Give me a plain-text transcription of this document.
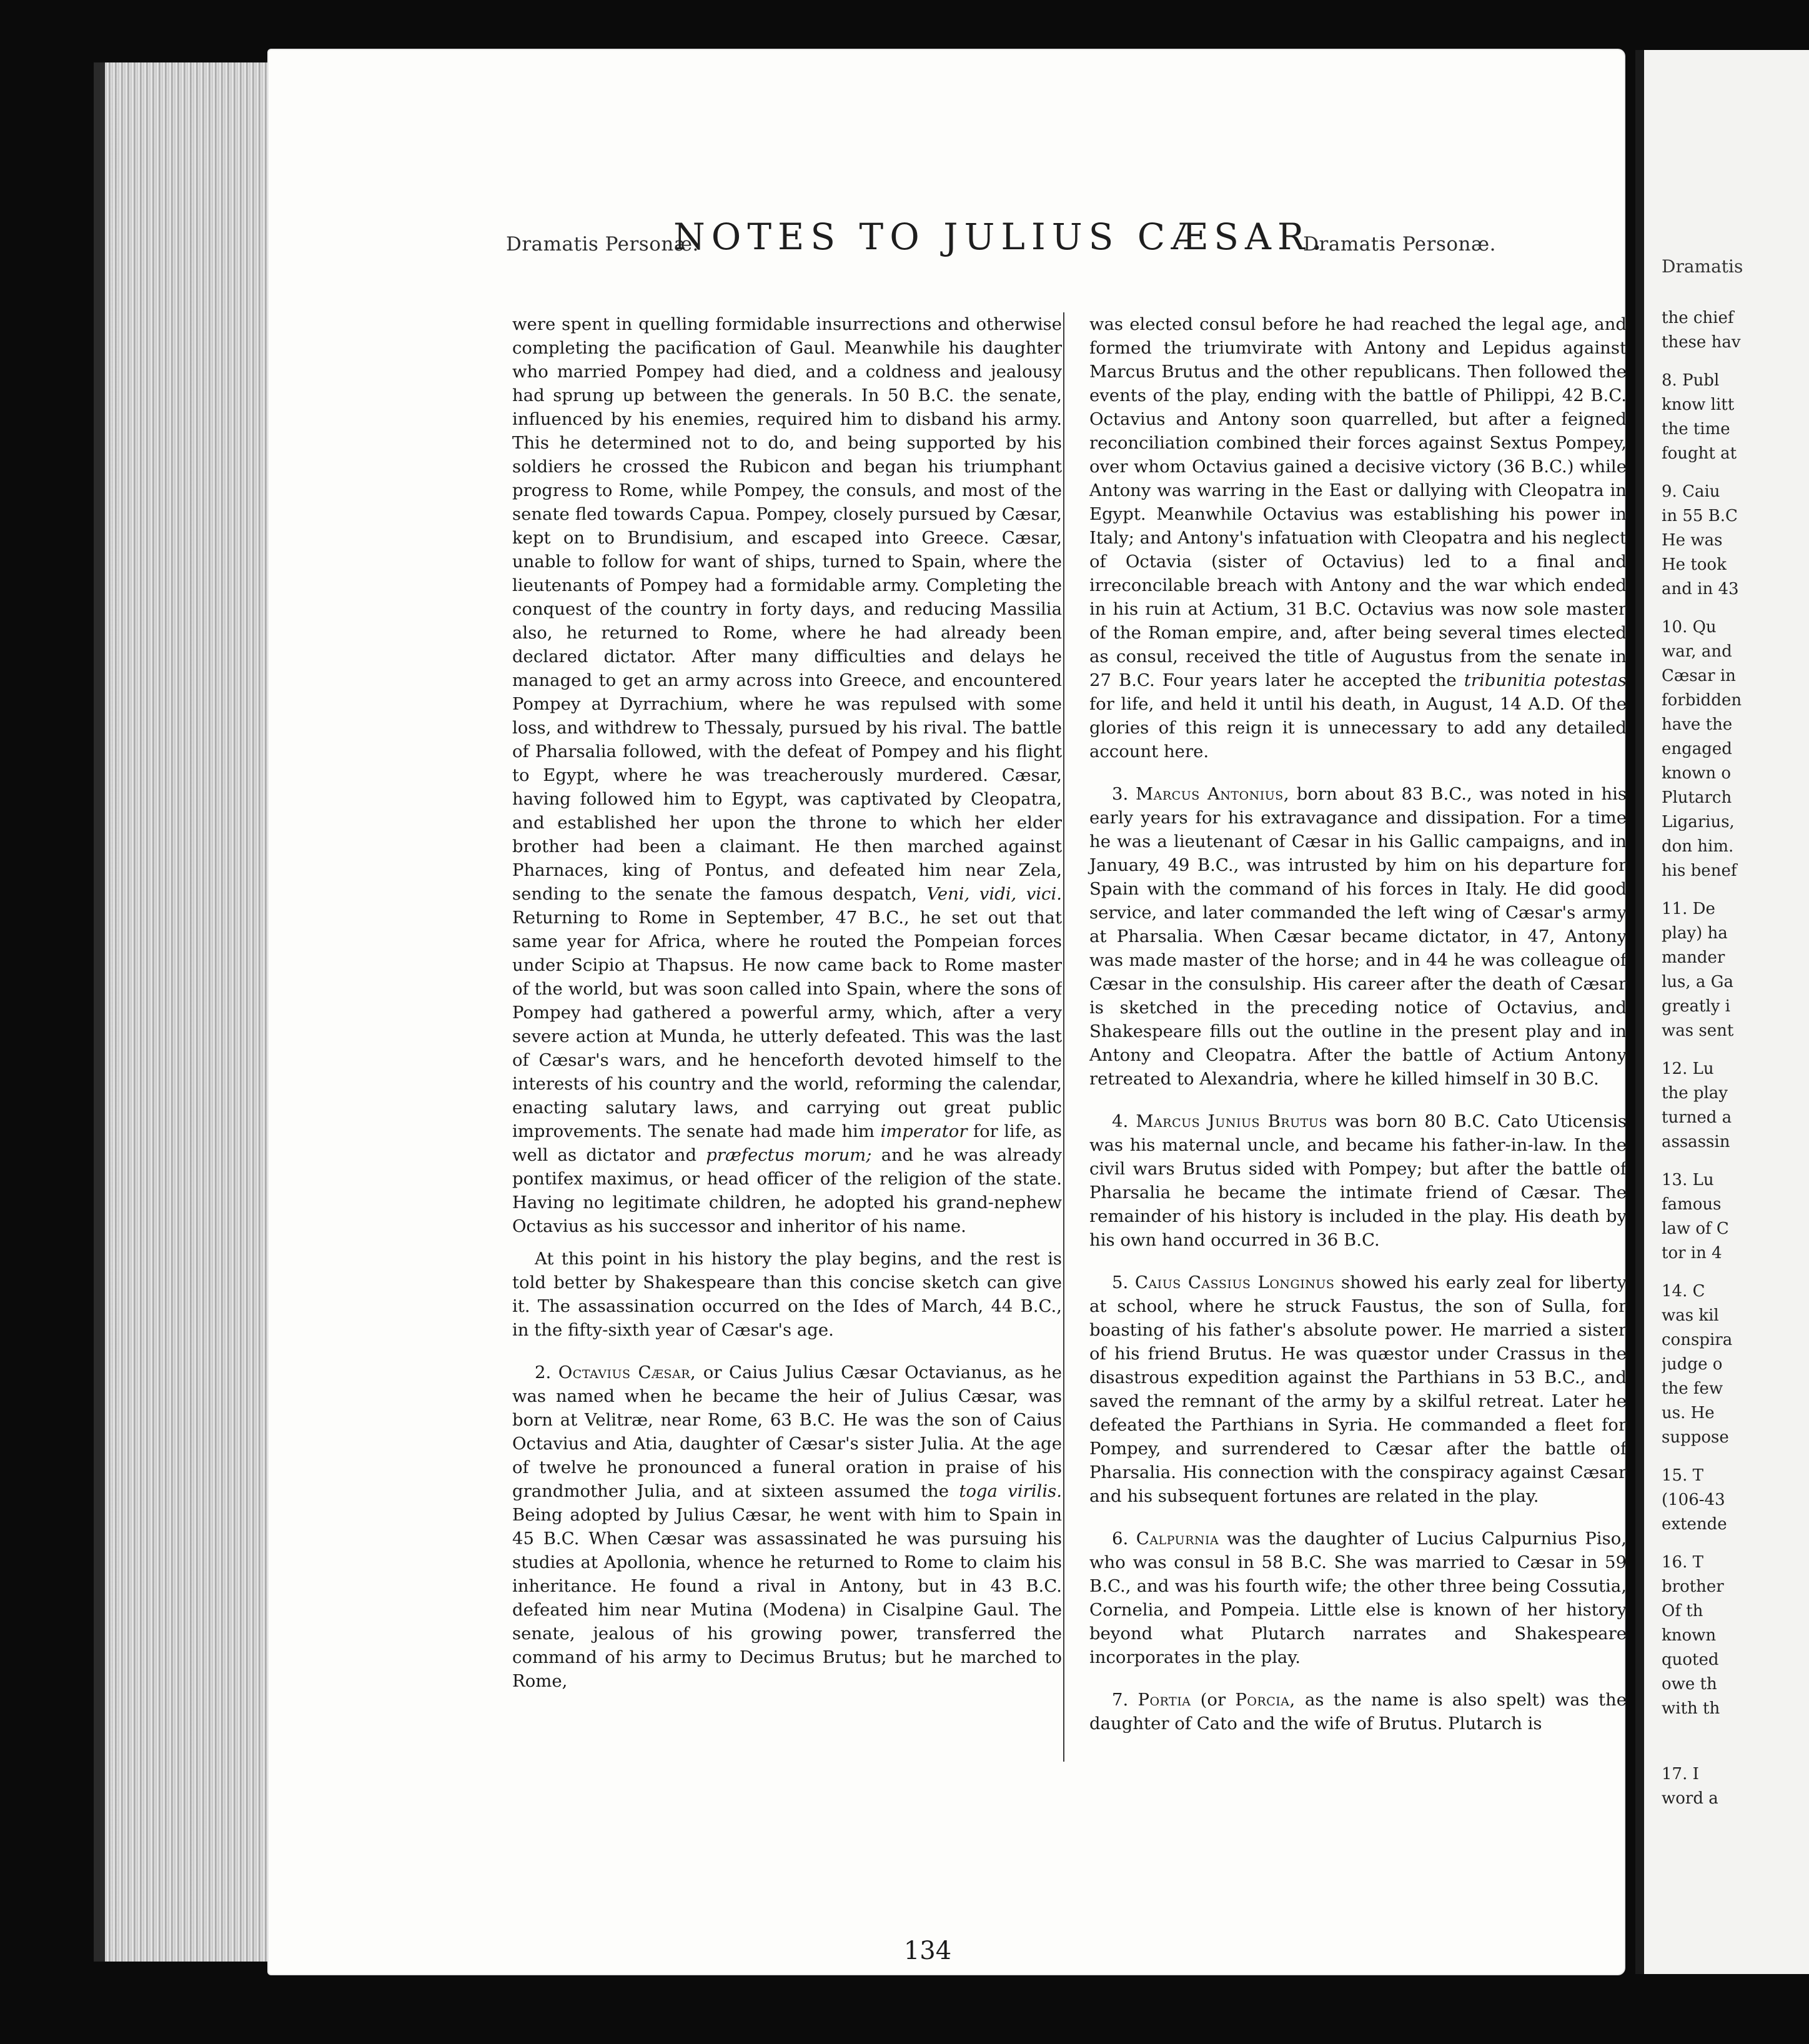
Dramatis Personæ.
NOTES TO JULIUS CÆSAR.
Dramatis Personæ.

were spent in quelling formidable insurrections and otherwise completing the pacification of Gaul. Meanwhile his daughter who married Pompey had died, and a coldness and jealousy had sprung up between the generals. In 50 B.C. the senate, influenced by his enemies, required him to disband his army. This he determined not to do, and being supported by his soldiers he crossed the Rubicon and began his triumphant progress to Rome, while Pompey, the consuls, and most of the senate fled towards Capua. Pompey, closely pursued by Cæsar, kept on to Brundisium, and escaped into Greece. Cæsar, unable to follow for want of ships, turned to Spain, where the lieutenants of Pompey had a formidable army. Completing the conquest of the country in forty days, and reducing Massilia also, he returned to Rome, where he had already been declared dictator. After many difficulties and delays he managed to get an army across into Greece, and encountered Pompey at Dyrrachium, where he was repulsed with some loss, and withdrew to Thessaly, pursued by his rival. The battle of Pharsalia followed, with the defeat of Pompey and his flight to Egypt, where he was treacherously murdered. Cæsar, having followed him to Egypt, was captivated by Cleopatra, and established her upon the throne to which her elder brother had been a claimant. He then marched against Pharnaces, king of Pontus, and defeated him near Zela, sending to the senate the famous despatch, Veni, vidi, vici. Returning to Rome in September, 47 B.C., he set out that same year for Africa, where he routed the Pompeian forces under Scipio at Thapsus. He now came back to Rome master of the world, but was soon called into Spain, where the sons of Pompey had gathered a powerful army, which, after a very severe action at Munda, he utterly defeated. This was the last of Cæsar's wars, and he henceforth devoted himself to the interests of his country and the world, reforming the calendar, enacting salutary laws, and carrying out great public improvements. The senate had made him imperator for life, as well as dictator and præfectus morum; and he was already pontifex maximus, or head officer of the religion of the state. Having no legitimate children, he adopted his grand-nephew Octavius as his successor and inheritor of his name.

At this point in his history the play begins, and the rest is told better by Shakespeare than this concise sketch can give it. The assassination occurred on the Ides of March, 44 B.C., in the fifty-sixth year of Cæsar's age.

2. Octavius Cæsar, or Caius Julius Cæsar Octavianus, as he was named when he became the heir of Julius Cæsar, was born at Velitræ, near Rome, 63 B.C. He was the son of Caius Octavius and Atia, daughter of Cæsar's sister Julia. At the age of twelve he pronounced a funeral oration in praise of his grandmother Julia, and at sixteen assumed the toga virilis. Being adopted by Julius Cæsar, he went with him to Spain in 45 B.C. When Cæsar was assassinated he was pursuing his studies at Apollonia, whence he returned to Rome to claim his inheritance. He found a rival in Antony, but in 43 B.C. defeated him near Mutina (Modena) in Cisalpine Gaul. The senate, jealous of his growing power, transferred the command of his army to Decimus Brutus; but he marched to Rome,

was elected consul before he had reached the legal age, and formed the triumvirate with Antony and Lepidus against Marcus Brutus and the other republicans. Then followed the events of the play, ending with the battle of Philippi, 42 B.C. Octavius and Antony soon quarrelled, but after a feigned reconciliation combined their forces against Sextus Pompey, over whom Octavius gained a decisive victory (36 B.C.) while Antony was warring in the East or dallying with Cleopatra in Egypt. Meanwhile Octavius was establishing his power in Italy; and Antony's infatuation with Cleopatra and his neglect of Octavia (sister of Octavius) led to a final and irreconcilable breach with Antony and the war which ended in his ruin at Actium, 31 B.C. Octavius was now sole master of the Roman empire, and, after being several times elected as consul, received the title of Augustus from the senate in 27 B.C. Four years later he accepted the tribunitia potestas for life, and held it until his death, in August, 14 A.D. Of the glories of this reign it is unnecessary to add any detailed account here.

3. Marcus Antonius, born about 83 B.C., was noted in his early years for his extravagance and dissipation. For a time he was a lieutenant of Cæsar in his Gallic campaigns, and in January, 49 B.C., was intrusted by him on his departure for Spain with the command of his forces in Italy. He did good service, and later commanded the left wing of Cæsar's army at Pharsalia. When Cæsar became dictator, in 47, Antony was made master of the horse; and in 44 he was colleague of Cæsar in the consulship. His career after the death of Cæsar is sketched in the preceding notice of Octavius, and Shakespeare fills out the outline in the present play and in Antony and Cleopatra. After the battle of Actium Antony retreated to Alexandria, where he killed himself in 30 B.C.

4. Marcus Junius Brutus was born 80 B.C. Cato Uticensis was his maternal uncle, and became his father-in-law. In the civil wars Brutus sided with Pompey; but after the battle of Pharsalia he became the intimate friend of Cæsar. The remainder of his history is included in the play. His death by his own hand occurred in 36 B.C.

5. Caius Cassius Longinus showed his early zeal for liberty at school, where he struck Faustus, the son of Sulla, for boasting of his father's absolute power. He married a sister of his friend Brutus. He was quæstor under Crassus in the disastrous expedition against the Parthians in 53 B.C., and saved the remnant of the army by a skilful retreat. Later he defeated the Parthians in Syria. He commanded a fleet for Pompey, and surrendered to Cæsar after the battle of Pharsalia. His connection with the conspiracy against Cæsar and his subsequent fortunes are related in the play.

6. Calpurnia was the daughter of Lucius Calpurnius Piso, who was consul in 58 B.C. She was married to Cæsar in 59 B.C., and was his fourth wife; the other three being Cossutia, Cornelia, and Pompeia. Little else is known of her history beyond what Plutarch narrates and Shakespeare incorporates in the play.

7. Portia (or Porcia, as the name is also spelt) was the daughter of Cato and the wife of Brutus. Plutarch is

134
Dramatis
the chief
these hav
8. Publ
know litt
the time
fought at
9. Caiu
in 55 B.C
He was
He took
and in 43
10. Qu
war, and
Cæsar in
forbidden
have the
engaged
known o
Plutarch
Ligarius,
don him.
his benef
11. De
play) ha
mander
lus, a Ga
greatly i
was sent
12. Lu
the play
turned a
assassin
13. Lu
famous
law of C
tor in 4
14. C
was kil
conspira
judge o
the few
us. He
suppose
15. T
(106-43
extende
16. T
brother
Of th
known
quoted
owe th
with th
17. I
word a
